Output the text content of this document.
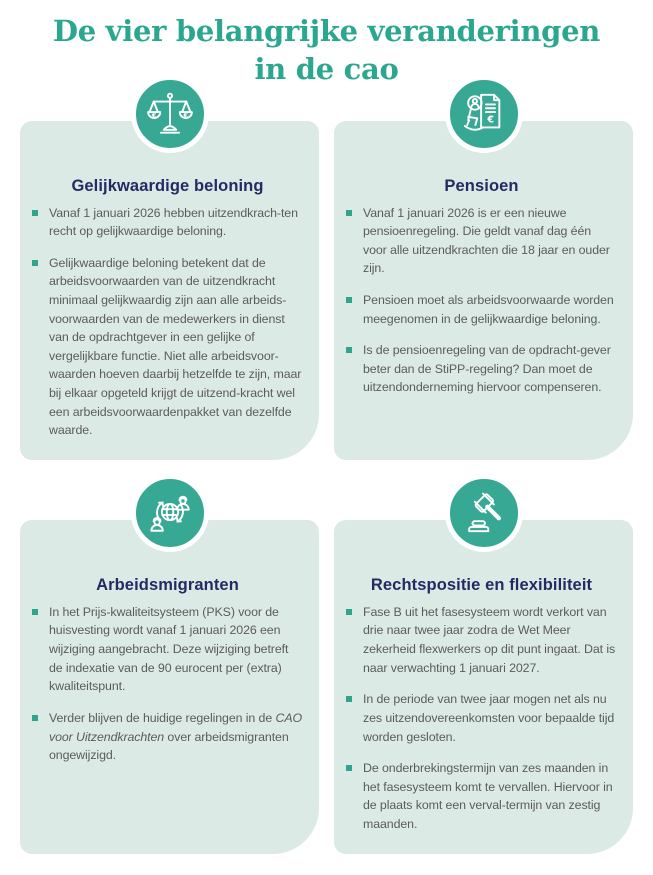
De vier belangrijke veranderingen
in de cao
€	€
Gelijkwaardige beloning
Vanaf 1 januari 2026 hebben uitzendkrach-ten recht op gelijkwaardige beloning.
Gelijkwaardige beloning betekent dat de arbeidsvoorwaarden van de uitzendkracht minimaal gelijkwaardig zijn aan alle arbeids-voorwaarden van de medewerkers in dienst van de opdrachtgever in een gelijke of vergelijkbare functie. Niet alle arbeidsvoor-waarden hoeven daarbij hetzelfde te zijn, maar bij elkaar opgeteld krijgt de uitzend-kracht wel een arbeidsvoorwaardenpakket van dezelfde waarde.
€
Pensioen
Vanaf 1 januari 2026 is er een nieuwe pensioenregeling. Die geldt vanaf dag één voor alle uitzendkrachten die 18 jaar en ouder zijn.
Pensioen moet als arbeidsvoorwaarde worden meegenomen in de gelijkwaardige beloning.
Is de pensioenregeling van de opdracht-gever beter dan de StiPP-regeling? Dan moet de uitzendonderneming hiervoor compenseren.
Arbeidsmigranten
In het Prijs-kwaliteitsysteem (PKS) voor de huisvesting wordt vanaf 1 januari 2026 een wijziging aangebracht. Deze wijziging betreft de indexatie van de 90 eurocent per (extra) kwaliteitspunt.
Verder blijven de huidige regelingen in de CAO voor Uitzendkrachten over arbeidsmigranten ongewijzigd.
Rechtspositie en flexibiliteit
Fase B uit het fasesysteem wordt verkort van drie naar twee jaar zodra de Wet Meer zekerheid flexwerkers op dit punt ingaat. Dat is naar verwachting 1 januari 2027.
In de periode van twee jaar mogen net als nu zes uitzendovereenkomsten voor bepaalde tijd worden gesloten.
De onderbrekingstermijn van zes maanden in het fasesysteem komt te vervallen. Hiervoor in de plaats komt een verval-termijn van zestig maanden.
